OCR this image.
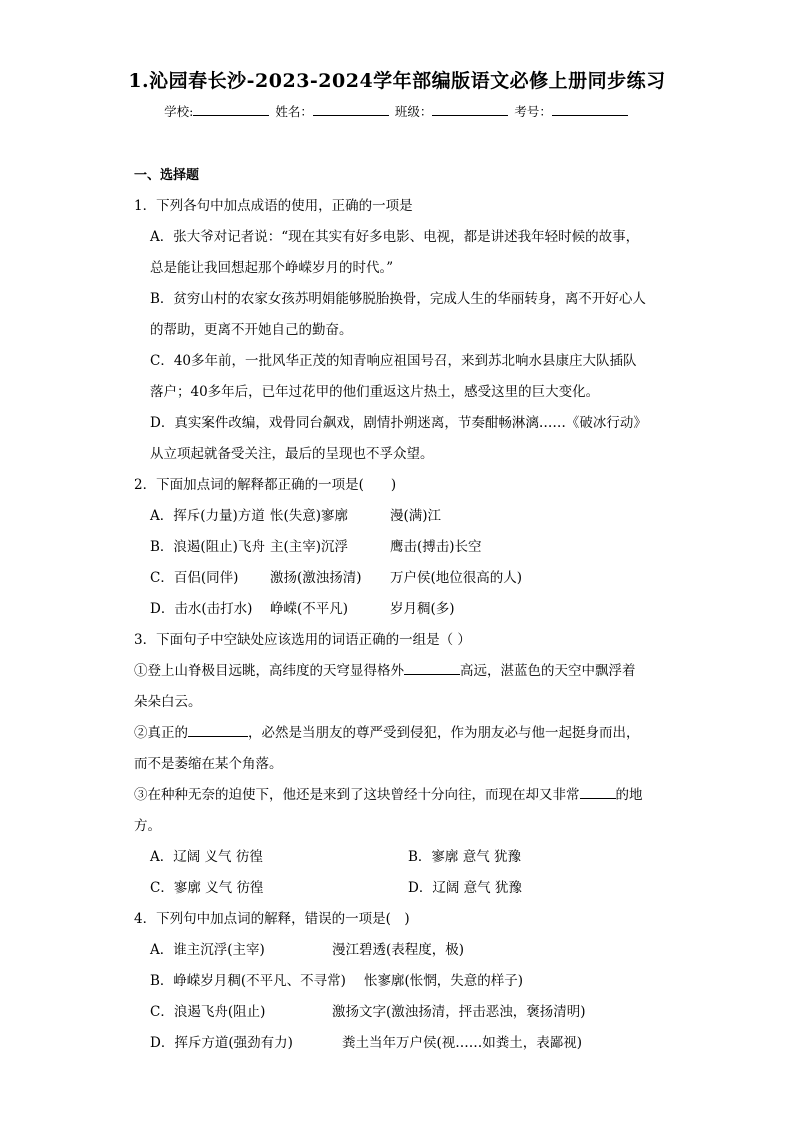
1.沁园春长沙-2023-2024学年部编版语文必修上册同步练习
学校:	姓名：	班级：	考号：
一、选择题
1．下列各句中加点成语的使用，正确的一项是
A．张大爷对记者说：“现在其实有好多电影、电视，都是讲述我年轻时候的故事，
总是能让我回想起那个峥嵘岁月的时代。”
B．贫穷山村的农家女孩苏明娟能够脱胎换骨，完成人生的华丽转身，离不开好心人
的帮助，更离不开她自己的勤奋。
C．40多年前，一批风华正茂的知青响应祖国号召，来到苏北响水县康庄大队插队
落户；40多年后，已年过花甲的他们重返这片热土，感受这里的巨大变化。
D．真实案件改编，戏骨同台飙戏，剧情扑朔迷离，节奏酣畅淋漓……《破冰行动》
从立项起就备受关注，最后的呈现也不孚众望。
2．下面加点词的解释都正确的一项是(　　)
A．挥斥(力量)方道 怅(失意)寥廓	漫(满)江
B．浪遏(阻止)飞舟 主(主宰)沉浮	鹰击(搏击)长空
C．百侣(同伴)	激扬(激浊扬清)	万户侯(地位很高的人)
D．击水(击打水)	峥嵘(不平凡)	岁月稠(多)
3．下面句子中空缺处应该选用的词语正确的一组是（ ）
①登上山脊极目远眺，高纬度的天穹显得格外	高远，湛蓝色的天空中飘浮着
朵朵白云。
②真正的	，必然是当朋友的尊严受到侵犯，作为朋友必与他一起挺身而出，
而不是萎缩在某个角落。
③在种种无奈的迫使下，他还是来到了这块曾经十分向往，而现在却又非常	的地
方。
A．辽阔 义气 彷徨	B．寥廓 意气 犹豫
C．寥廓 义气 彷徨	D．辽阔 意气 犹豫
4．下列句中加点词的解释，错误的一项是(　)
A．谁主沉浮(主宰)	漫江碧透(表程度，极)
B．峥嵘岁月稠(不平凡、不寻常)	怅寥廓(怅惘，失意的样子)
C．浪遏飞舟(阻止)	激扬文字(激浊扬清，抨击恶浊，褒扬清明)
D．挥斥方道(强劲有力)	粪土当年万户侯(视……如粪土，表鄙视)
